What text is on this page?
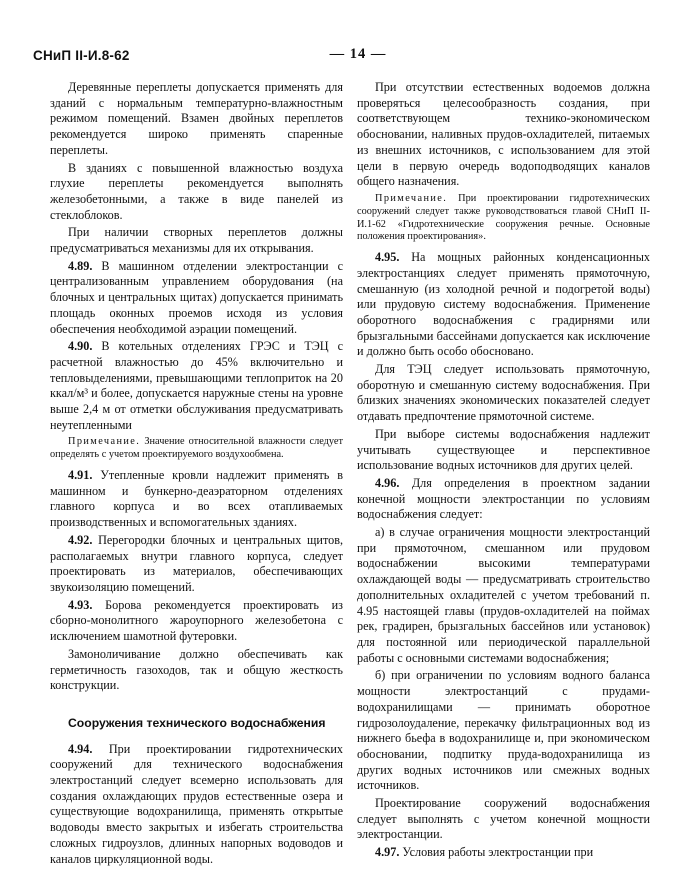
СНиП II-И.8-62	— 14 —

Деревянные переплеты допускается применять для зданий с нормальным температурно-влажностным режимом помещений. Взамен двойных переплетов рекомендуется широко применять спаренные переплеты.

В зданиях с повышенной влажностью воздуха глухие переплеты рекомендуется выполнять железобетонными, а также в виде панелей из стеклоблоков.

При наличии створных переплетов должны предусматриваться механизмы для их открывания.

4.89. В машинном отделении электростанции с централизованным управлением оборудования (на блочных и центральных щитах) допускается принимать площадь оконных проемов исходя из условия обеспечения необходимой аэрации помещений.

4.90. В котельных отделениях ГРЭС и ТЭЦ с расчетной влажностью до 45% включительно и тепловыделениями, превышающими теплоприток на 20 ккал/м³ и более, допускается наружные стены на уровне выше 2,4 м от отметки обслуживания предусматривать неутепленными

Примечание. Значение относительной влажности следует определять с учетом проектируемого воздухообмена.

4.91. Утепленные кровли надлежит применять в машинном и бункерно-деаэраторном отделениях главного корпуса и во всех отапливаемых производственных и вспомогательных зданиях.

4.92. Перегородки блочных и центральных щитов, располагаемых внутри главного корпуса, следует проектировать из материалов, обеспечивающих звукоизоляцию помещений.

4.93. Борова рекомендуется проектировать из сборно-монолитного жароупорного железобетона с исключением шамотной футеровки.

Замоноличивание должно обеспечивать как герметичность газоходов, так и общую жесткость конструкции.

Сооружения технического водоснабжения

4.94. При проектировании гидротехнических сооружений для технического водоснабжения электростанций следует всемерно использовать для создания охлаждающих прудов естественные озера и существующие водохранилища, применять открытые водоводы вместо закрытых и избегать строительства сложных гидроузлов, длинных напорных водоводов и каналов циркуляционной воды.

При отсутствии естественных водоемов должна проверяться целесообразность создания, при соответствующем технико-экономическом обосновании, наливных прудов-охладителей, питаемых из внешних источников, с использованием для этой цели в первую очередь водоподводящих каналов общего назначения.

Примечание. При проектировании гидротехнических сооружений следует также руководствоваться главой СНиП II-И.1-62 «Гидротехнические сооружения речные. Основные положения проектирования».

4.95. На мощных районных конденсационных электростанциях следует применять прямоточную, смешанную (из холодной речной и подогретой воды) или прудовую систему водоснабжения. Применение оборотного водоснабжения с градирнями или брызгальными бассейнами допускается как исключение и должно быть особо обосновано.

Для ТЭЦ следует использовать прямоточную, оборотную и смешанную систему водоснабжения. При близких значениях экономических показателей следует отдавать предпочтение прямоточной системе.

При выборе системы водоснабжения надлежит учитывать существующее и перспективное использование водных источников для других целей.

4.96. Для определения в проектном задании конечной мощности электростанции по условиям водоснабжения следует:

а) в случае ограничения мощности электростанций при прямоточном, смешанном или прудовом водоснабжении высокими температурами охлаждающей воды — предусматривать строительство дополнительных охладителей с учетом требований п. 4.95 настоящей главы (прудов-охладителей на поймах рек, градирен, брызгальных бассейнов или установок) для постоянной или периодической параллельной работы с основными системами водоснабжения;

б) при ограничении по условиям водного баланса мощности электростанций с прудами-водохранилищами — принимать оборотное гидрозолоудаление, перекачку фильтрационных вод из нижнего бьефа в водохранилище и, при экономическом обосновании, подпитку пруда-водохранилища из других водных источников или смежных водных источников.

Проектирование сооружений водоснабжения следует выполнять с учетом конечной мощности электростанции.

4.97. Условия работы электростанции при
